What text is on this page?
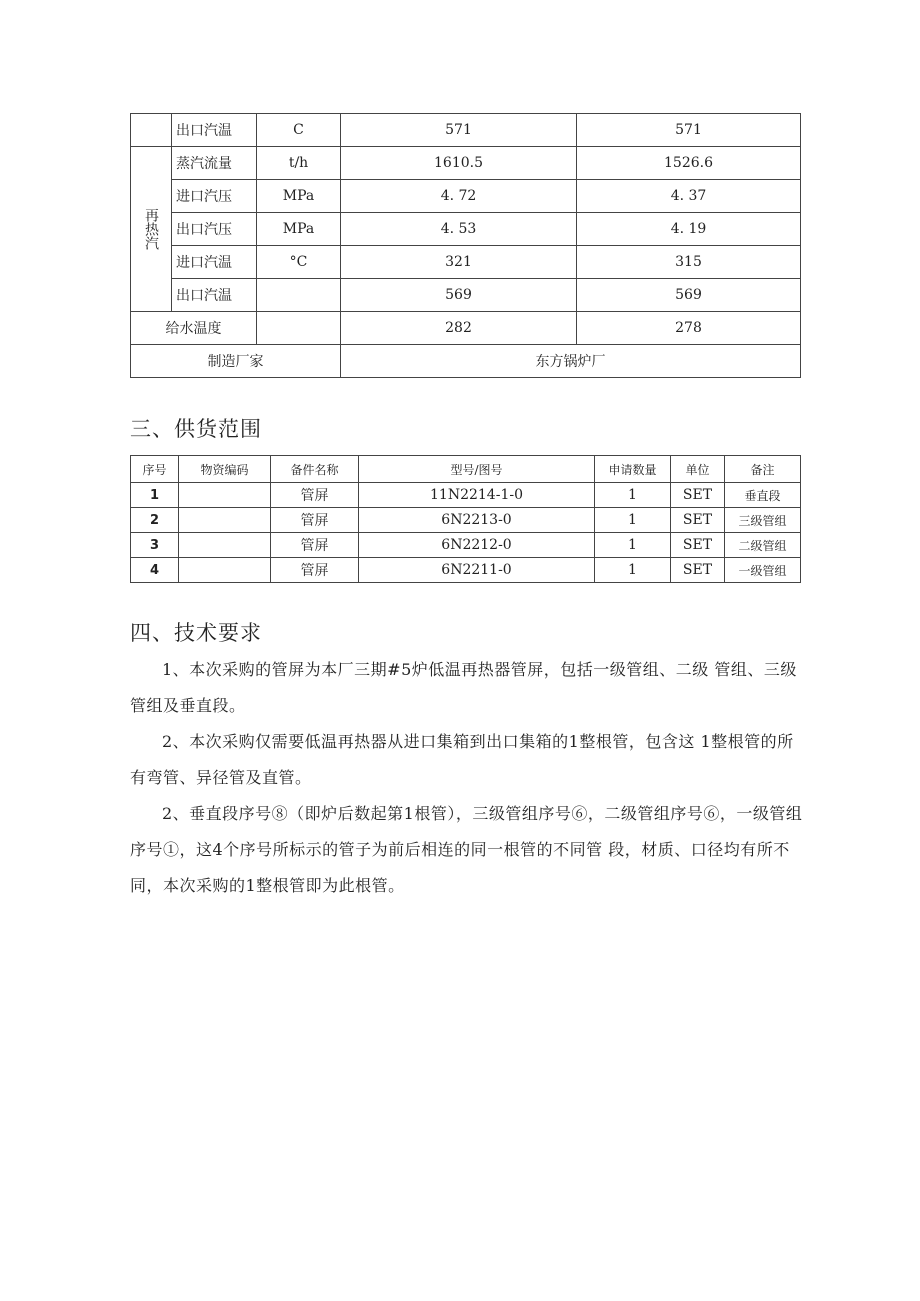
	出口汽温	C	571	571
再热汽	蒸汽流量	t/h	1610.5	1526.6
	进口汽压	MPa	4. 72	4. 37
	出口汽压	MPa	4. 53	4. 19
	进口汽温	°C	321	315
	出口汽温		569	569
给水温度			282	278
制造厂家			东方锅炉厂	
三、供货范围
序号	物资编码	备件名称	型号/图号	申请数量	单位	备注
1		管屏	11N2214-1-0	1	SET	垂直段
2		管屏	6N2213-0	1	SET	三级管组
3		管屏	6N2212-0	1	SET	二级管组
4		管屏	6N2211-0	1	SET	一级管组
四、技术要求

1、本次采购的管屏为本厂三期#5炉低温再热器管屏，包括一级管组、二级 管组、三级管组及垂直段。

2、本次采购仅需要低温再热器从进口集箱到出口集箱的1整根管，包含这 1整根管的所有弯管、异径管及直管。

2、垂直段序号⑧（即炉后数起第1根管），三级管组序号⑥，二级管组序号⑥，一级管组序号①，这4个序号所标示的管子为前后相连的同一根管的不同管 段，材质、口径均有所不同，本次采购的1整根管即为此根管。
